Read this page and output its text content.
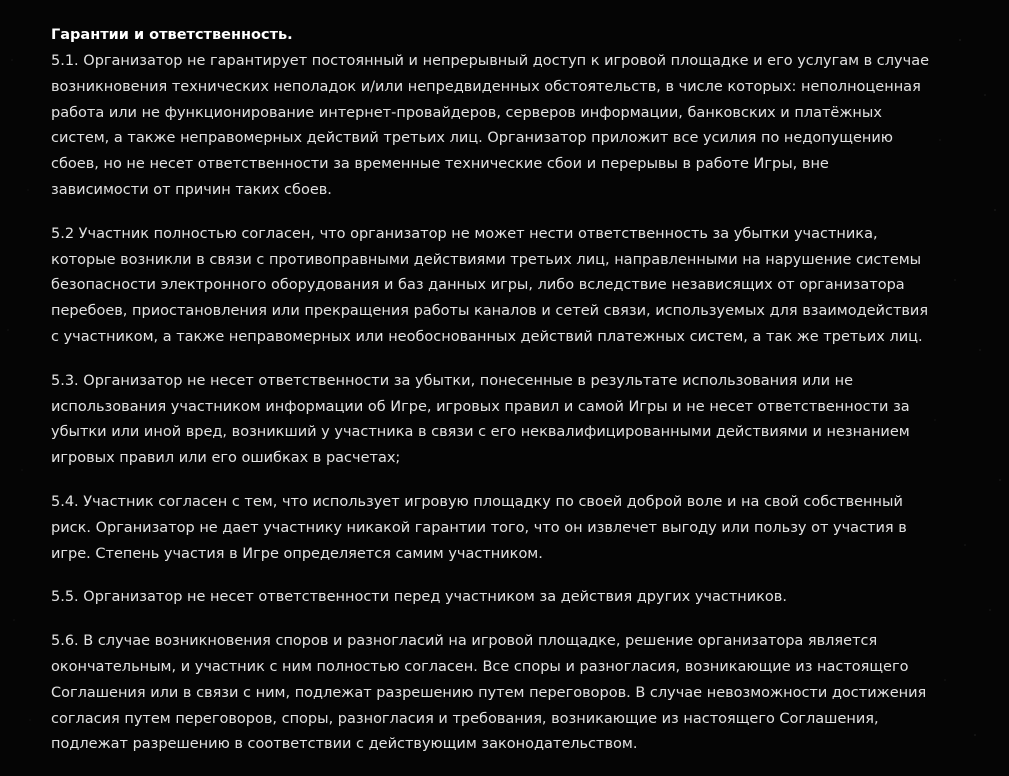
Гарантии и ответственность.

5.1. Организатор не гарантирует постоянный и непрерывный доступ к игровой площадке и его услугам в случае возникновения технических неполадок и/или непредвиденных обстоятельств, в числе которых: неполноценная работа или не функционирование интернет-провайдеров, серверов информации, банковских и платёжных систем, а также неправомерных действий третьих лиц. Организатор приложит все усилия по недопущению сбоев, но не несет ответственности за временные технические сбои и перерывы в работе Игры, вне зависимости от причин таких сбоев.

5.2 Участник полностью согласен, что организатор не может нести ответственность за убытки участника, которые возникли в связи с противоправными действиями третьих лиц, направленными на нарушение системы безопасности электронного оборудования и баз данных игры, либо вследствие независящих от организатора перебоев, приостановления или прекращения работы каналов и сетей связи, используемых для взаимодействия с участником, а также неправомерных или необоснованных действий платежных систем, а так же третьих лиц.

5.3. Организатор не несет ответственности за убытки, понесенные в результате использования или не использования участником информации об Игре, игровых правил и самой Игры и не несет ответственности за убытки или иной вред, возникший у участника в связи с его неквалифицированными действиями и незнанием игровых правил или его ошибках в расчетах;

5.4. Участник согласен с тем, что использует игровую площадку по своей доброй воле и на свой собственный риск. Организатор не дает участнику никакой гарантии того, что он извлечет выгоду или пользу от участия в игре. Степень участия в Игре определяется самим участником.

5.5. Организатор не несет ответственности перед участником за действия других участников.

5.6. В случае возникновения споров и разногласий на игровой площадке, решение организатора является окончательным, и участник с ним полностью согласен. Все споры и разногласия, возникающие из настоящего Соглашения или в связи с ним, подлежат разрешению путем переговоров. В случае невозможности достижения согласия путем переговоров, споры, разногласия и требования, возникающие из настоящего Соглашения, подлежат разрешению в соответствии с действующим законодательством.
